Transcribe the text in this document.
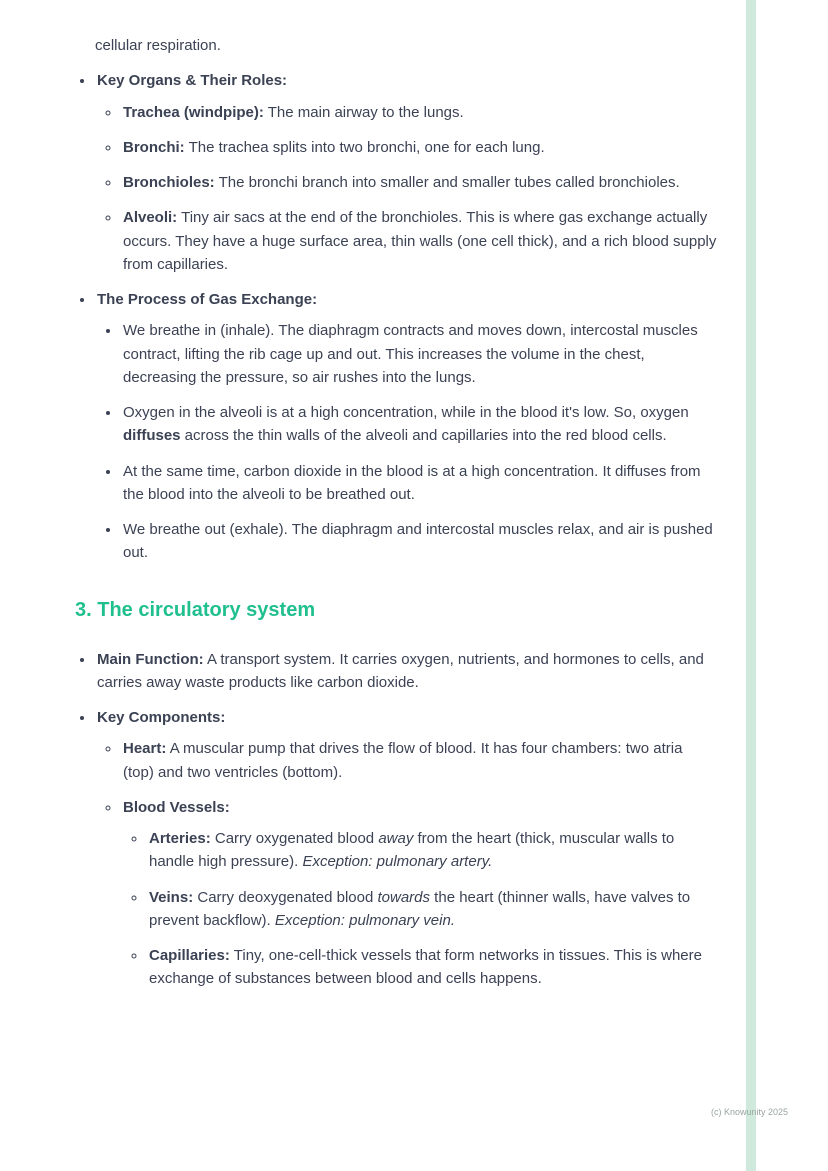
cellular respiration.

• Key Organs & Their Roles:
◦ Trachea (windpipe): The main airway to the lungs.
◦ Bronchi: The trachea splits into two bronchi, one for each lung.
◦ Bronchioles: The bronchi branch into smaller and smaller tubes called bronchioles.
◦ Alveoli: Tiny air sacs at the end of the bronchioles. This is where gas exchange actually occurs. They have a huge surface area, thin walls (one cell thick), and a rich blood supply from capillaries.
• The Process of Gas Exchange:
• We breathe in (inhale). The diaphragm contracts and moves down, intercostal muscles contract, lifting the rib cage up and out. This increases the volume in the chest, decreasing the pressure, so air rushes into the lungs.
• Oxygen in the alveoli is at a high concentration, while in the blood it's low. So, oxygen diffuses across the thin walls of the alveoli and capillaries into the red blood cells.
• At the same time, carbon dioxide in the blood is at a high concentration. It diffuses from the blood into the alveoli to be breathed out.
• We breathe out (exhale). The diaphragm and intercostal muscles relax, and air is pushed out.
3. The circulatory system
• Main Function: A transport system. It carries oxygen, nutrients, and hormones to cells, and carries away waste products like carbon dioxide.
• Key Components:
◦ Heart: A muscular pump that drives the flow of blood. It has four chambers: two atria (top) and two ventricles (bottom).
◦ Blood Vessels:
◦ Arteries: Carry oxygenated blood away from the heart (thick, muscular walls to handle high pressure). Exception: pulmonary artery.
◦ Veins: Carry deoxygenated blood towards the heart (thinner walls, have valves to prevent backflow). Exception: pulmonary vein.
◦ Capillaries: Tiny, one-cell-thick vessels that form networks in tissues. This is where exchange of substances between blood and cells happens.
(c) Knowunity 2025
